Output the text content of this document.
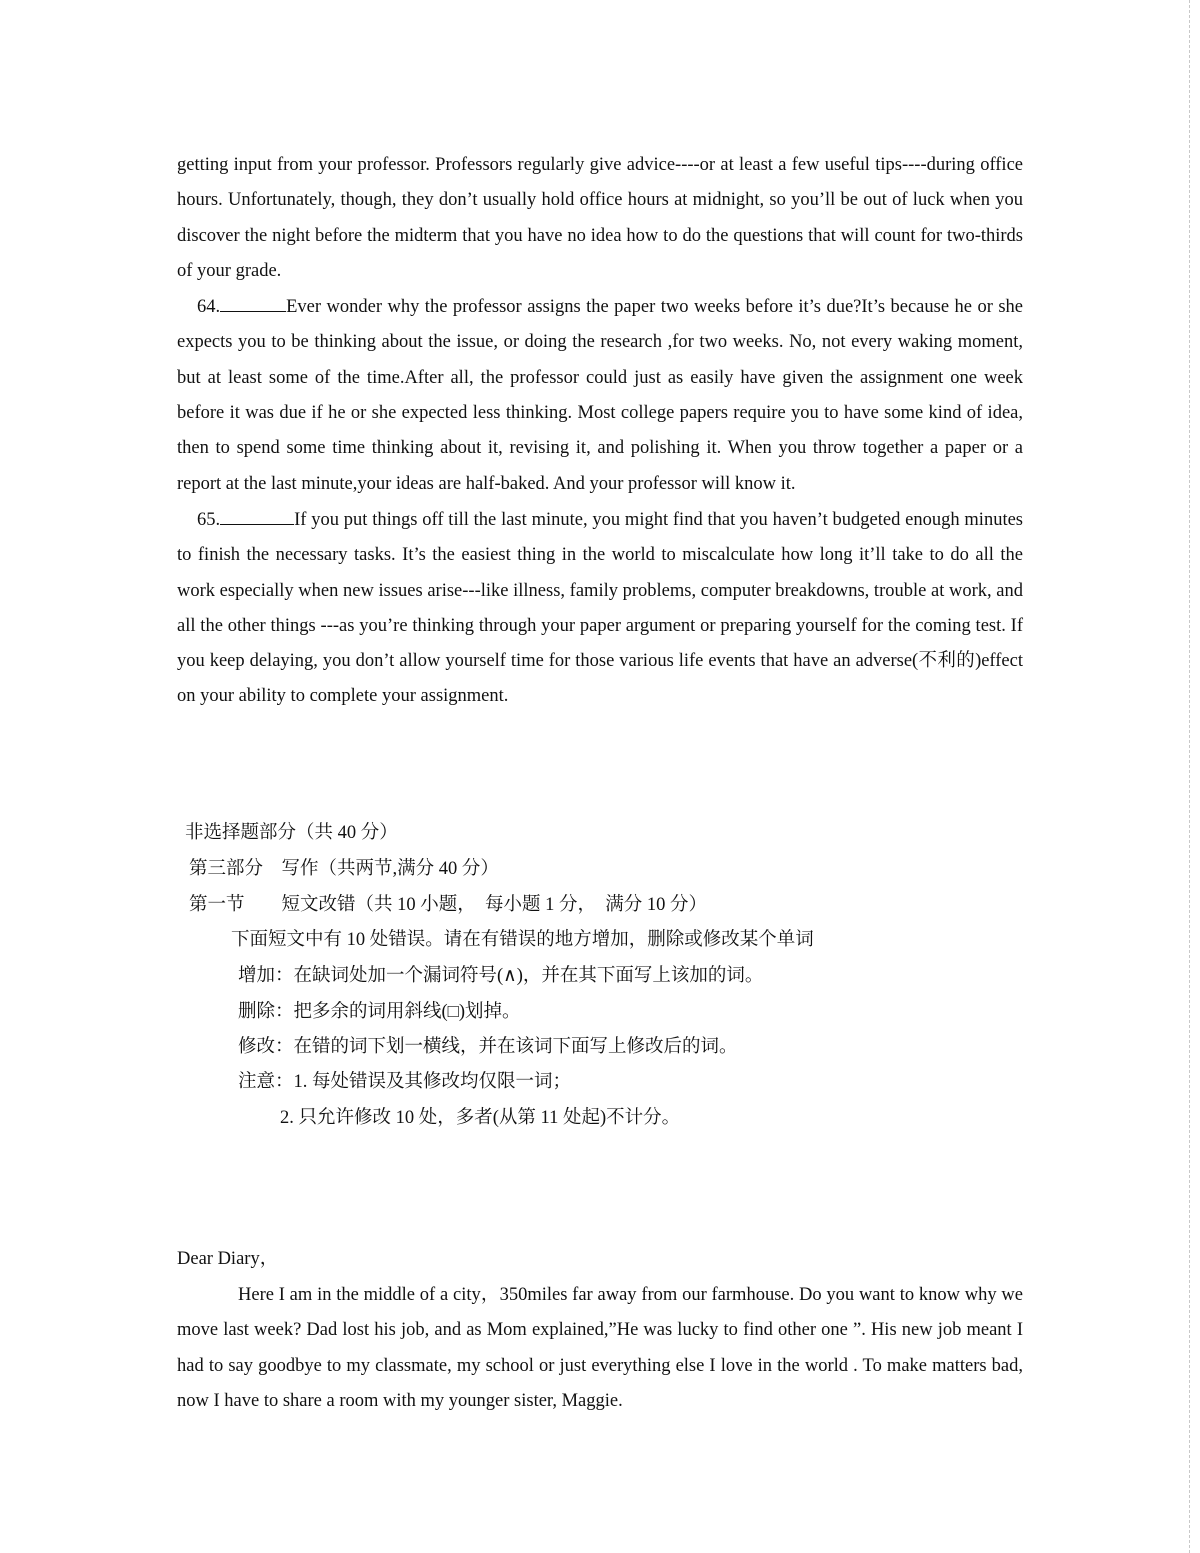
getting input from your professor. Professors regularly give advice----or at least a few useful tips----during office hours. Unfortunately, though, they don’t usually hold office hours at midnight, so you’ll be out of luck when you discover the night before the midterm that you have no idea how to do the questions that will count for two-thirds of your grade.

64.	Ever wonder why the professor assigns the paper two weeks before it’s due?It’s because he or she expects you to be thinking about the issue, or doing the research ,for two weeks. No, not every waking moment, but at least some of the time.After all, the professor could just as easily have given the assignment one week before it was due if he or she expected less thinking. Most college papers require you to have some kind of idea, then to spend some time thinking about it, revising it, and polishing it. When you throw together a paper or a report at the last minute,your ideas are half-baked. And your professor will know it.

65.	If you put things off till the last minute, you might find that you haven’t budgeted enough minutes to finish the necessary tasks. It’s the easiest thing in the world to miscalculate how long it’ll take to do all the work especially when new issues arise---like illness, family problems, computer breakdowns, trouble at work, and all the other things ---as you’re thinking through your paper argument or preparing yourself for the coming test. If you keep delaying, you don’t allow yourself time for those various life events that have an adverse(不利的)effect on your ability to complete your assignment.

非选择题部分（共 40 分）
第三部分　写作（共两节,满分 40 分）
第一节　　短文改错（共 10 小题，　每小题 1 分，　满分 10 分）
下面短文中有 10 处错误。请在有错误的地方增加，删除或修改某个单词
增加：在缺词处加一个漏词符号(∧)，并在其下面写上该加的词。
删除：把多余的词用斜线(□)划掉。
修改：在错的词下划一横线，并在该词下面写上修改后的词。
注意：1. 每处错误及其修改均仅限一词；
2. 只允许修改 10 处，多者(从第 11 处起)不计分。

Dear Diary，

Here I am in the middle of a city，350miles far away from our farmhouse. Do you want to know why we move last week? Dad lost his job, and as Mom explained,”He was lucky to find other one ”. His new job meant I had to say goodbye to my classmate, my school or just everything else I love in the world . To make matters bad, now I have to share a room with my younger sister, Maggie.
